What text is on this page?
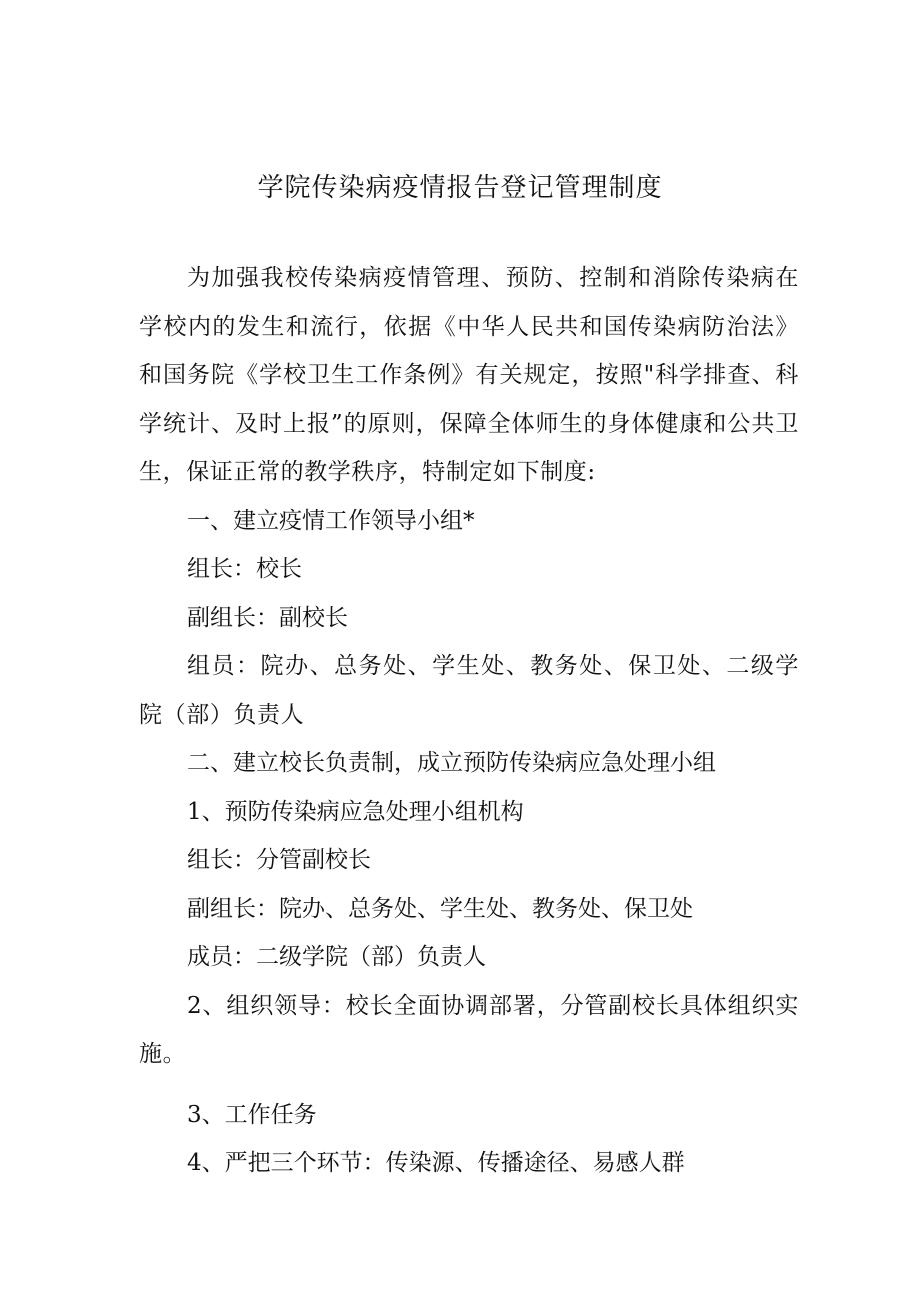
学院传染病疫情报告登记管理制度

为加强我校传染病疫情管理、预防、控制和消除传染病在学校内的发生和流行，依据《中华人民共和国传染病防治法》和国务院《学校卫生工作条例》有关规定，按照"科学排查、科学统计、及时上报”的原则，保障全体师生的身体健康和公共卫生，保证正常的教学秩序，特制定如下制度:

一、建立疫情工作领导小组*

组长：校长

副组长：副校长

组员：院办、总务处、学生处、教务处、保卫处、二级学院（部）负责人

二、建立校长负责制，成立预防传染病应急处理小组

1、预防传染病应急处理小组机构

组长：分管副校长

副组长：院办、总务处、学生处、教务处、保卫处

成员：二级学院（部）负责人

2、组织领导：校长全面协调部署，分管副校长具体组织实施。

3、工作任务

4、严把三个环节：传染源、传播途径、易感人群
